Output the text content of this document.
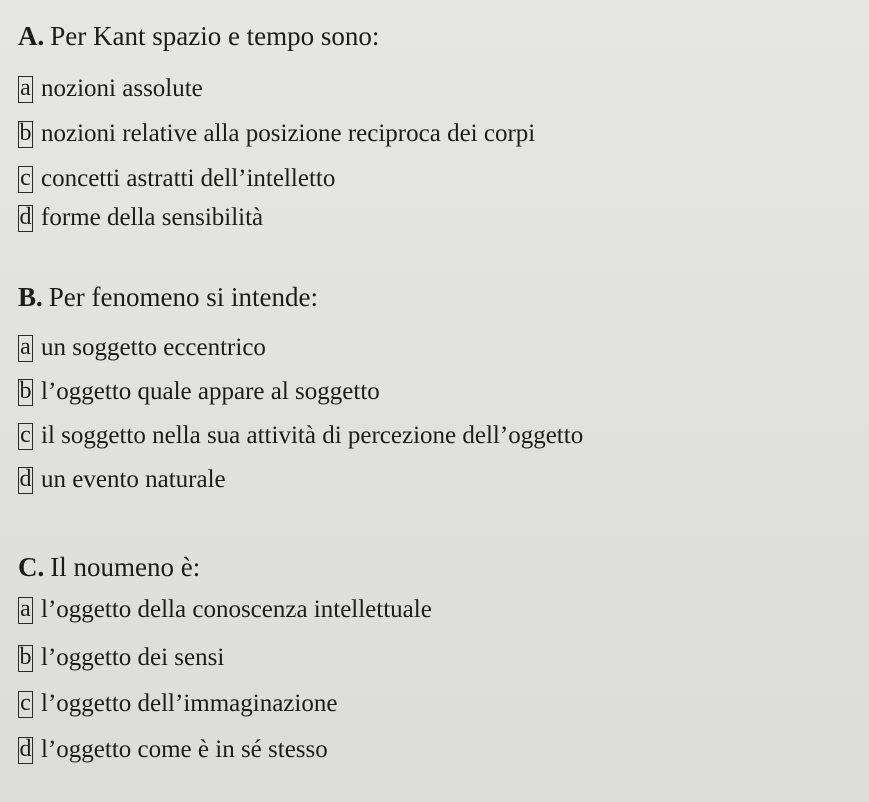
A. Per Kant spazio e tempo sono:
a nozioni assolute
b nozioni relative alla posizione reciproca dei corpi
c concetti astratti dell’intelletto
d forme della sensibilità
B. Per fenomeno si intende:
a un soggetto eccentrico
b l’oggetto quale appare al soggetto
c il soggetto nella sua attività di percezione dell’oggetto
d un evento naturale
C. Il noumeno è:
a l’oggetto della conoscenza intellettuale
b l’oggetto dei sensi
c l’oggetto dell’immaginazione
d l’oggetto come è in sé stesso
